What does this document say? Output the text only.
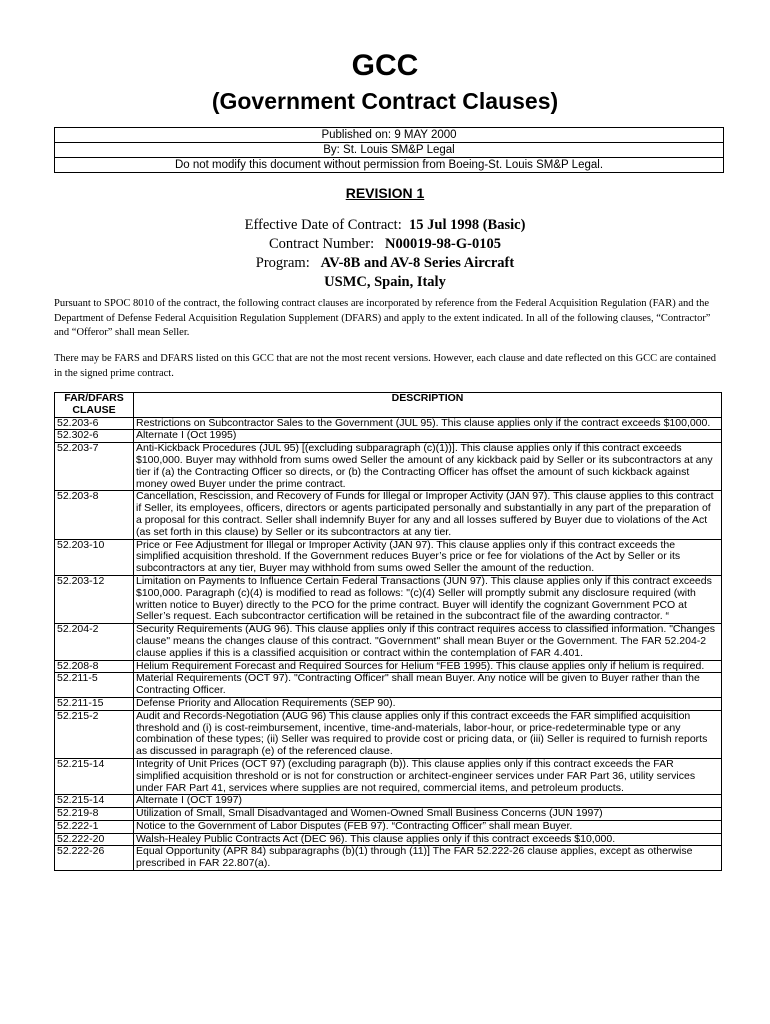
GCC
(Government Contract Clauses)
Published on: 9 MAY 2000
By: St. Louis SM&P Legal
Do not modify this document without permission from Boeing-St. Louis SM&P Legal.
REVISION 1
Effective Date of Contract: 15 Jul 1998 (Basic)
Contract Number: N00019-98-G-0105
Program: AV-8B and AV-8 Series Aircraft
USMC, Spain, Italy
Pursuant to SPOC 8010 of the contract, the following contract clauses are incorporated by reference from the Federal Acquisition Regulation (FAR) and the Department of Defense Federal Acquisition Regulation Supplement (DFARS) and apply to the extent indicated. In all of the following clauses, “Contractor” and “Offeror” shall mean Seller.
There may be FARS and DFARS listed on this GCC that are not the most recent versions. However, each clause and date reflected on this GCC are contained in the signed prime contract.
FAR/DFARS
CLAUSE	DESCRIPTION
52.203-6	Restrictions on Subcontractor Sales to the Government (JUL 95). This clause applies only if the contract exceeds $100,000.
52.302-6	Alternate I (Oct 1995)
52.203-7	Anti-Kickback Procedures (JUL 95) [(excluding subparagraph (c)(1))]. This clause applies only if this contract exceeds $100,000. Buyer may withhold from sums owed Seller the amount of any kickback paid by Seller or its subcontractors at any tier if (a) the Contracting Officer so directs, or (b) the Contracting Officer has offset the amount of such kickback against money owed Buyer under the prime contract.
52.203-8	Cancellation, Rescission, and Recovery of Funds for Illegal or Improper Activity (JAN 97). This clause applies to this contract if Seller, its employees, officers, directors or agents participated personally and substantially in any part of the preparation of a proposal for this contract. Seller shall indemnify Buyer for any and all losses suffered by Buyer due to violations of the Act (as set forth in this clause) by Seller or its subcontractors at any tier.
52.203-10	Price or Fee Adjustment for Illegal or Improper Activity (JAN 97). This clause applies only if this contract exceeds the simplified acquisition threshold. If the Government reduces Buyer’s price or fee for violations of the Act by Seller or its subcontractors at any tier, Buyer may withhold from sums owed Seller the amount of the reduction.
52.203-12	Limitation on Payments to Influence Certain Federal Transactions (JUN 97). This clause applies only if this contract exceeds $100,000. Paragraph (c)(4) is modified to read as follows: "(c)(4) Seller will promptly submit any disclosure required (with written notice to Buyer) directly to the PCO for the prime contract. Buyer will identify the cognizant Government PCO at Seller’s request. Each subcontractor certification will be retained in the subcontract file of the awarding contractor. “
52.204-2	Security Requirements (AUG 96). This clause applies only if this contract requires access to classified information. "Changes clause" means the changes clause of this contract. "Government" shall mean Buyer or the Government. The FAR 52.204-2 clause applies if this is a classified acquisition or contract within the contemplation of FAR 4.401.
52.208-8	Helium Requirement Forecast and Required Sources for Helium “FEB 1995). This clause applies only if helium is required.
52.211-5	Material Requirements (OCT 97). "Contracting Officer" shall mean Buyer. Any notice will be given to Buyer rather than the Contracting Officer.
52.211-15	Defense Priority and Allocation Requirements (SEP 90).
52.215-2	Audit and Records-Negotiation (AUG 96) This clause applies only if this contract exceeds the FAR simplified acquisition threshold and (i) is cost-reimbursement, incentive, time-and-materials, labor-hour, or price-redeterminable type or any combination of these types; (ii) Seller was required to provide cost or pricing data, or (iii) Seller is required to furnish reports as discussed in paragraph (e) of the referenced clause.
52.215-14	Integrity of Unit Prices (OCT 97) (excluding paragraph (b)). This clause applies only if this contract exceeds the FAR simplified acquisition threshold or is not for construction or architect-engineer services under FAR Part 36, utility services under FAR Part 41, services where supplies are not required, commercial items, and petroleum products.
52.215-14	Alternate I (OCT 1997)
52.219-8	Utilization of Small, Small Disadvantaged and Women-Owned Small Business Concerns (JUN 1997)
52.222-1	Notice to the Government of Labor Disputes (FEB 97). “Contracting Officer” shall mean Buyer.
52.222-20	Walsh-Healey Public Contracts Act (DEC 96). This clause applies only if this contract exceeds $10,000.
52.222-26	Equal Opportunity (APR 84) subparagraphs (b)(1) through (11)] The FAR 52.222-26 clause applies, except as otherwise prescribed in FAR 22.807(a).
